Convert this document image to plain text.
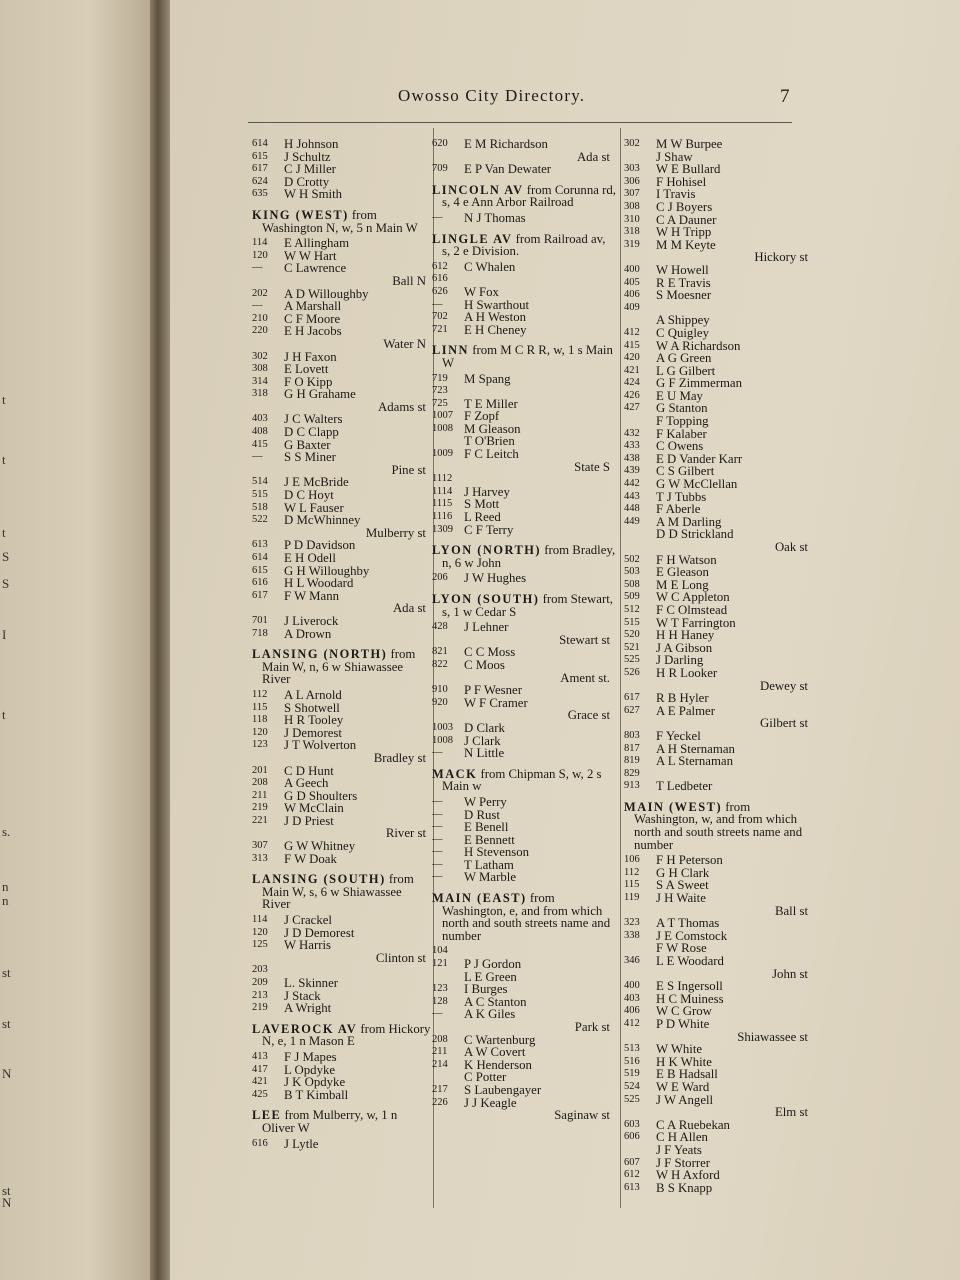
t
t
t
S
S
I
t
s.
n
n
st
st
N
st
N
Owosso City Directory.	7
614	H Johnson
615	J Schultz
617	C J Miller
624	D Crotty
635	W H Smith
KING (WEST) from Washington N, w, 5 n Main W
114	E Allingham
120	W W Hart
—	C Lawrence
Ball N
202	A D Willoughby
—	A Marshall
210	C F Moore
220	E H Jacobs
Water N
302	J H Faxon
308	E Lovett
314	F O Kipp
318	G H Grahame
Adams st
403	J C Walters
408	D C Clapp
415	G Baxter
—	S S Miner
Pine st
514	J E McBride
515	D C Hoyt
518	W L Fauser
522	D McWhinney
Mulberry st
613	P D Davidson
614	E H Odell
615	G H Willoughby
616	H L Woodard
617	F W Mann
Ada st
701	J Liverock
718	A Drown
LANSING (NORTH) from Main W, n, 6 w Shiawassee River
112	A L Arnold
115	S Shotwell
118	H R Tooley
120	J Demorest
123	J T Wolverton
Bradley st
201	C D Hunt
208	A Geech
211	G D Shoulters
219	W McClain
221	J D Priest
River st
307	G W Whitney
313	F W Doak
LANSING (SOUTH) from Main W, s, 6 w Shiawassee River
114	J Crackel
120	J D Demorest
125	W Harris
Clinton st
203
209	L. Skinner
213	J Stack
219	A Wright
LAVEROCK AV from Hickory N, e, 1 n Mason E
413	F J Mapes
417	L Opdyke
421	J K Opdyke
425	B T Kimball
LEE from Mulberry, w, 1 n Oliver W
616	J Lytle
620	E M Richardson
Ada st
709	E P Van Dewater
LINCOLN AV from Corunna rd, s, 4 e Ann Arbor Railroad
—	N J Thomas
LINGLE AV from Railroad av, s, 2 e Division.
612	C Whalen
616
626	W Fox
—	H Swarthout
702	A H Weston
721	E H Cheney
LINN from M C R R, w, 1 s Main W
719	M Spang
723
725	T E Miller
1007 F Zopf
1008 M Gleason
T O'Brien
1009 F C Leitch
State S
1112
1114 J Harvey
1115 S Mott
1116 L Reed
1309 C F Terry
LYON (NORTH) from Bradley, n, 6 w John
206	J W Hughes
LYON (SOUTH) from Stewart, s, 1 w Cedar S
428	J Lehner
Stewart st
821	C C Moss
822	C Moos
Ament st.
910	P F Wesner
920	W F Cramer
Grace st
1003 D Clark
1008 J Clark
—	N Little
MACK from Chipman S, w, 2 s Main w
—	W Perry
—	D Rust
—	E Benell
—	E Bennett
—	H Stevenson
—	T Latham
—	W Marble
MAIN (EAST) from Washington, e, and from which north and south streets name and number
104
121	P J Gordon
L E Green
123	I Burges
128	A C Stanton
—	A K Giles
Park st
208	C Wartenburg
211	A W Covert
214	K Henderson
C Potter
217	S Laubengayer
226	J J Keagle
Saginaw st
302	M W Burpee
J Shaw
303	W E Bullard
306	F Hohisel
307	I Travis
308	C J Boyers
310	C A Dauner
318	W H Tripp
319	M M Keyte
Hickory st
400	W Howell
405	R E Travis
406	S Moesner
409
A Shippey
412	C Quigley
415	W A Richardson
420	A G Green
421	L G Gilbert
424	G F Zimmerman
426	E U May
427	G Stanton
F Topping
432	F Kalaber
433	C Owens
438	E D Vander Karr
439	C S Gilbert
442	G W McClellan
443	T J Tubbs
448	F Aberle
449	A M Darling
D D Strickland
Oak st
502	F H Watson
503	E Gleason
508	M E Long
509	W C Appleton
512	F C Olmstead
515	W T Farrington
520	H H Haney
521	J A Gibson
525	J Darling
526	H R Looker
Dewey st
617	R B Hyler
627	A E Palmer
Gilbert st
803	F Yeckel
817	A H Sternaman
819	A L Sternaman
829
913	T Ledbeter
MAIN (WEST) from Washington, w, and from which north and south streets name and number
106	F H Peterson
112	G H Clark
115	S A Sweet
119	J H Waite
Ball st
323	A T Thomas
338	J E Comstock
F W Rose
346	L E Woodard
John st
400	E S Ingersoll
403	H C Muiness
406	W C Grow
412	P D White
Shiawassee st
513	W White
516	H K White
519	E B Hadsall
524	W E Ward
525	J W Angell
Elm st
603	C A Ruebekan
606	C H Allen
J F Yeats
607	J F Storrer
612	W H Axford
613	B S Knapp
